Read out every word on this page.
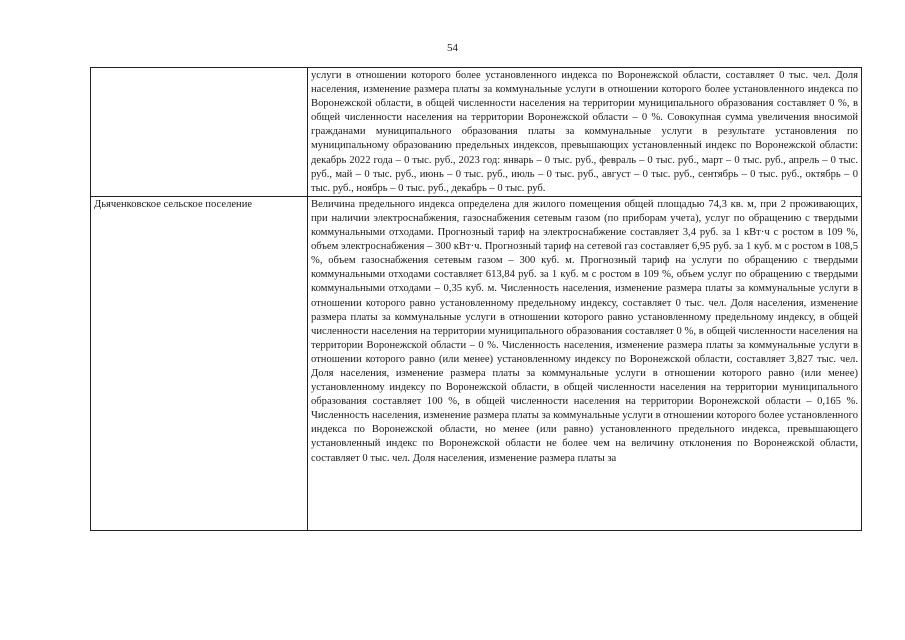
54
	услуги в отношении которого более установленного индекса по Воронежской области, составляет 0 тыс. чел. Доля населения, изменение размера платы за коммунальные услуги в отношении которого более установленного индекса по Воронежской области, в общей численности населения на территории муниципального образования составляет 0 %, в общей численности населения на территории Воронежской области – 0 %. Совокупная сумма увеличения вносимой гражданами муниципального образования платы за коммунальные услуги в результате установления по муниципальному образованию предельных индексов, превышающих установленный индекс по Воронежской области: декабрь 2022 года – 0 тыс. руб., 2023 год: январь – 0 тыс. руб., февраль – 0 тыс. руб., март – 0 тыс. руб., апрель – 0 тыс. руб., май – 0 тыс. руб., июнь – 0 тыс. руб., июль – 0 тыс. руб., август – 0 тыс. руб., сентябрь – 0 тыс. руб., октябрь – 0 тыс. руб., ноябрь – 0 тыс. руб., декабрь – 0 тыс. руб.
Дьяченковское сельское поселение	Величина предельного индекса определена для жилого помещения общей площадью 74,3 кв. м, при 2 проживающих, при наличии электроснабжения, газоснабжения сетевым газом (по приборам учета), услуг по обращению с твердыми коммунальными отходами. Прогнозный тариф на электроснабжение составляет 3,4 руб. за 1 кВт·ч с ростом в 109 %, объем электроснабжения – 300 кВт·ч. Прогнозный тариф на сетевой газ составляет 6,95 руб. за 1 куб. м с ростом в 108,5 %, объем газоснабжения сетевым газом – 300 куб. м. Прогнозный тариф на услуги по обращению с твердыми коммунальными отходами составляет 613,84 руб. за 1 куб. м с ростом в 109 %, объем услуг по обращению с твердыми коммунальными отходами – 0,35 куб. м. Численность населения, изменение размера платы за коммунальные услуги в отношении которого равно установленному предельному индексу, составляет 0 тыс. чел. Доля населения, изменение размера платы за коммунальные услуги в отношении которого равно установленному предельному индексу, в общей численности населения на территории муниципального образования составляет 0 %, в общей численности населения на территории Воронежской области – 0 %. Численность населения, изменение размера платы за коммунальные услуги в отношении которого равно (или менее) установленному индексу по Воронежской области, составляет 3,827 тыс. чел. Доля населения, изменение размера платы за коммунальные услуги в отношении которого равно (или менее) установленному индексу по Воронежской области, в общей численности населения на территории муниципального образования составляет 100 %, в общей численности населения на территории Воронежской области – 0,165 %. Численность населения, изменение размера платы за коммунальные услуги в отношении которого более установленного индекса по Воронежской области, но менее (или равно) установленного предельного индекса, превышающего установленный индекс по Воронежской области не более чем на величину отклонения по Воронежской области, составляет 0 тыс. чел. Доля населения, изменение размера платы за
